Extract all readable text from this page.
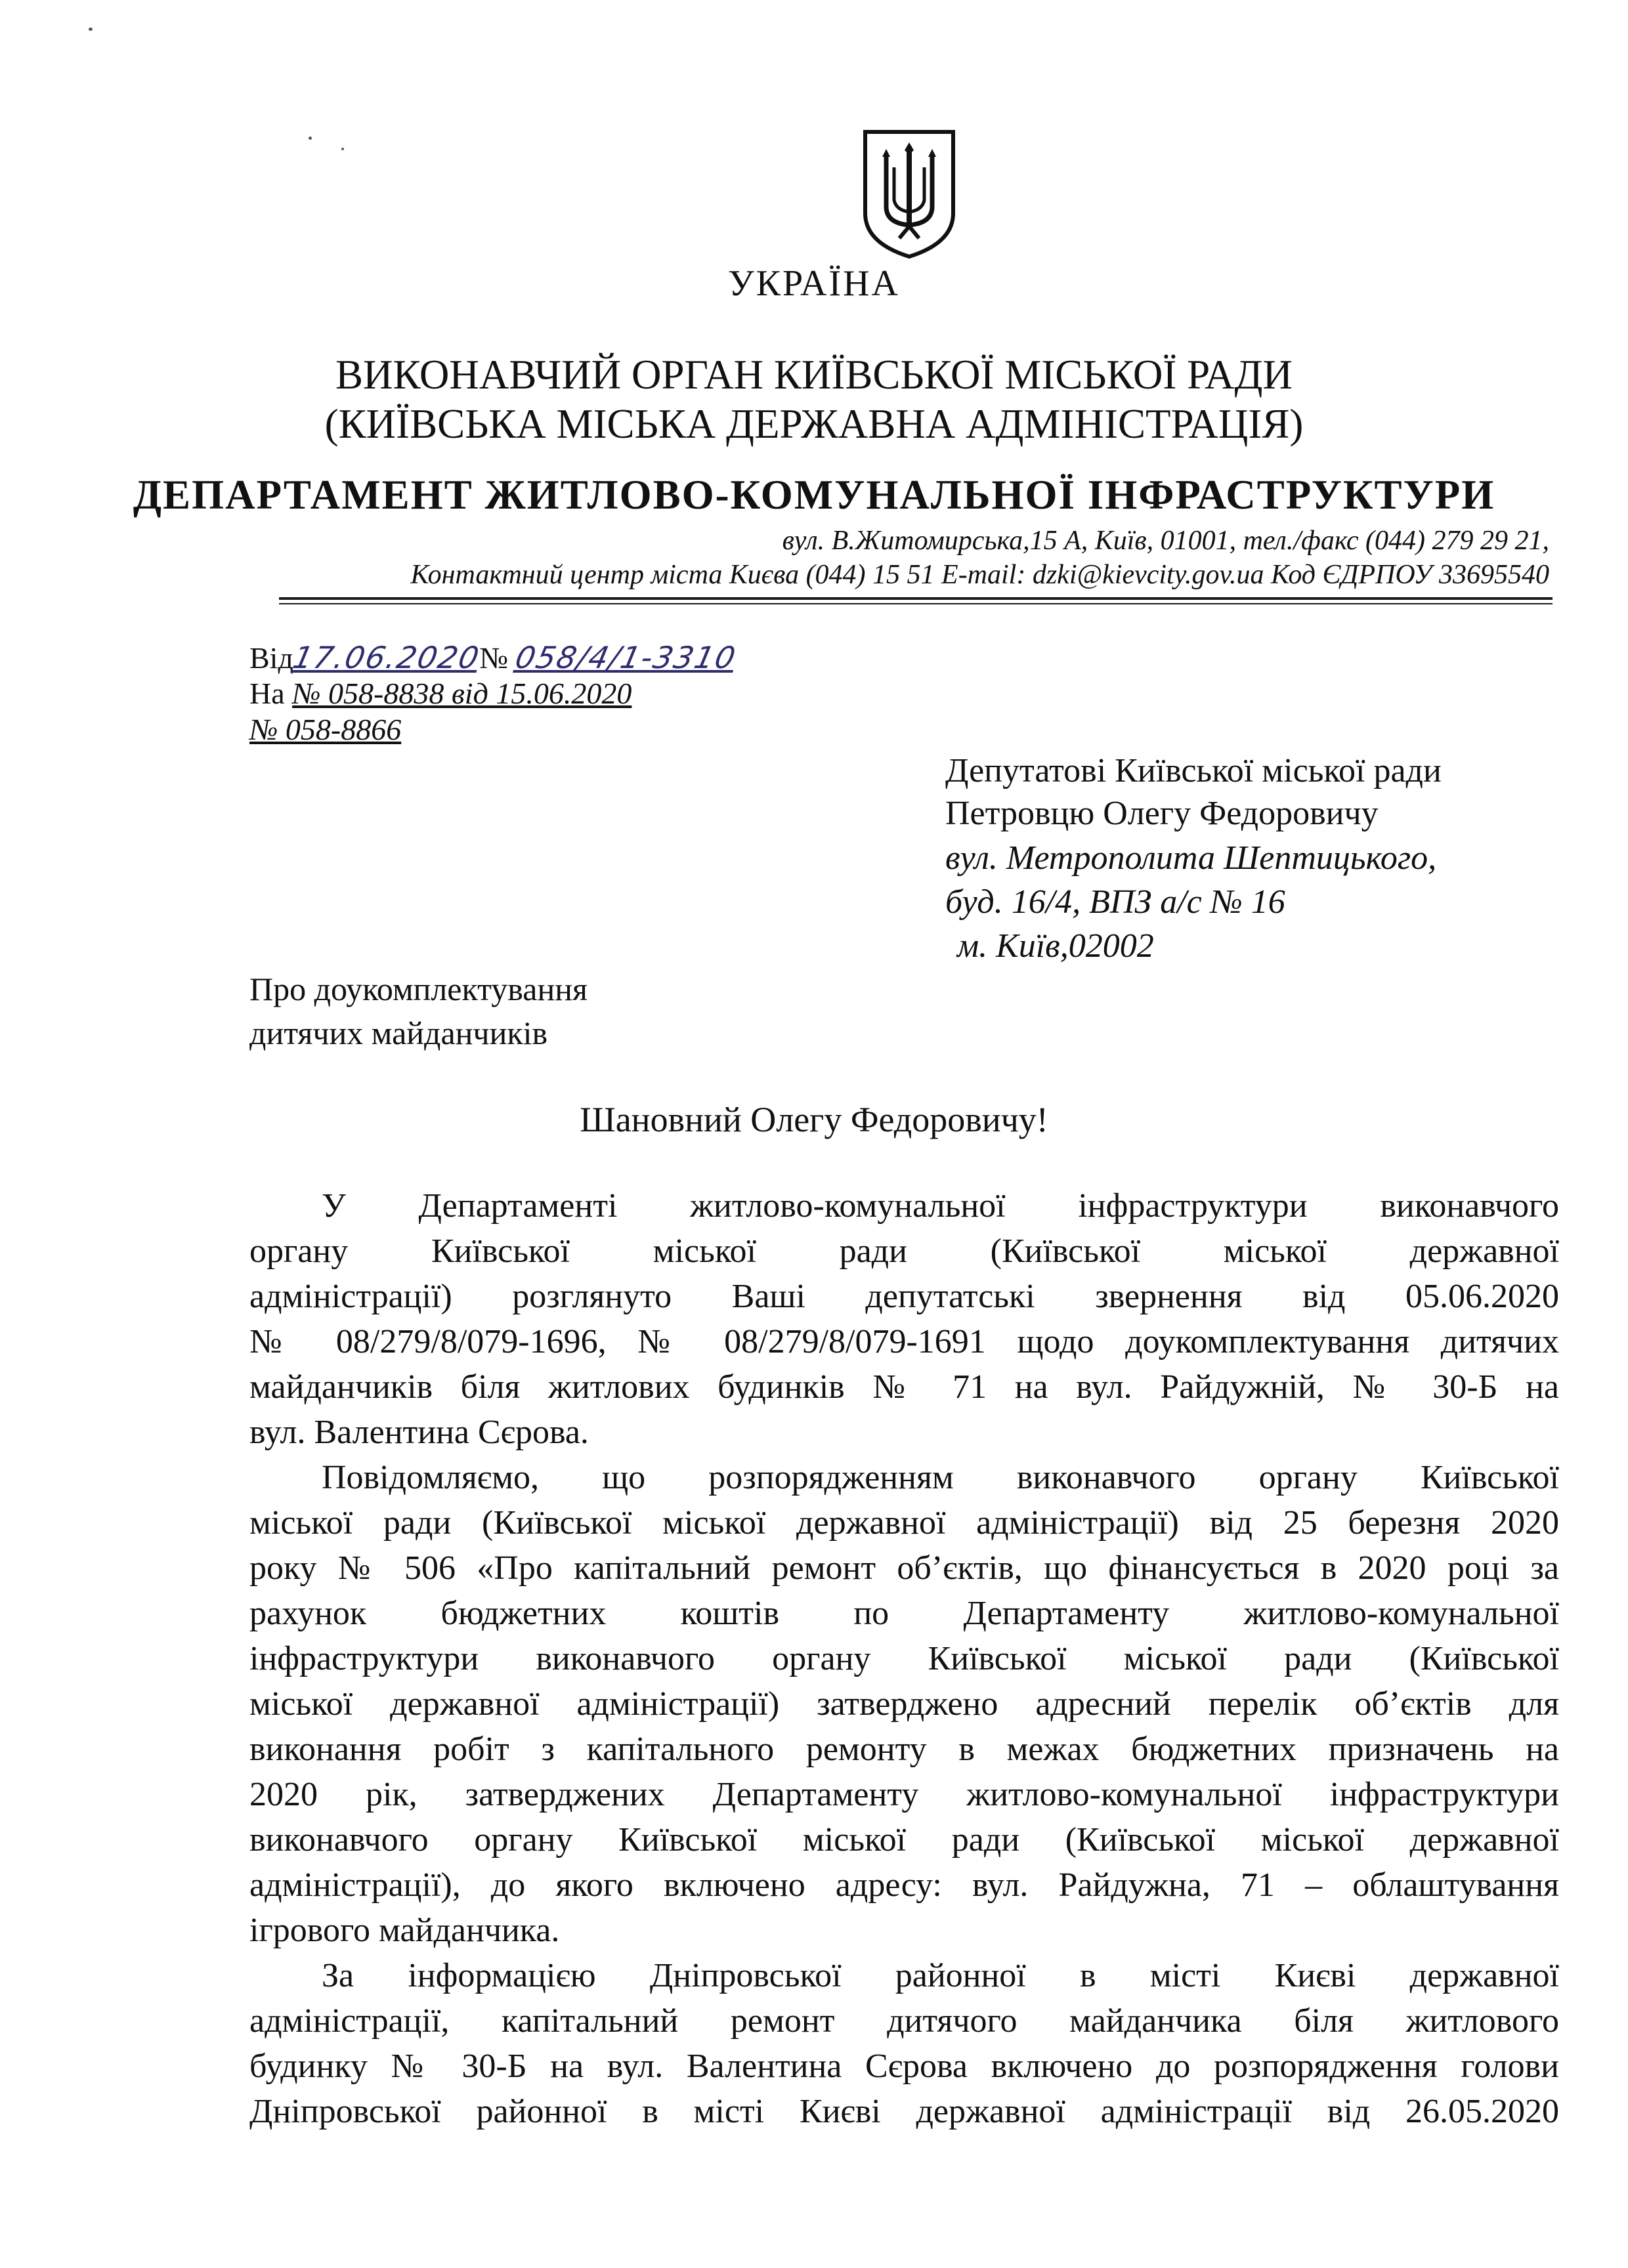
УКРАЇНА
ВИКОНАВЧИЙ ОРГАН КИЇВСЬКОЇ МІСЬКОЇ РАДИ
(КИЇВСЬКА МІСЬКА ДЕРЖАВНА АДМІНІСТРАЦІЯ)
ДЕПАРТАМЕНТ ЖИТЛОВО-КОМУНАЛЬНОЇ ІНФРАСТРУКТУРИ
вул. В.Житомирська,15 А, Київ, 01001, тел./факс (044) 279 29 21,
Контактний центр міста Києва (044) 15 51 E-mail: dzki@kievcity.gov.ua Код ЄДРПОУ 33695540
Від17.06.2020№ 058/4/1-3310
На № 058-8838 від 15.06.2020
№ 058-8866
Депутатові Київської міської ради
Петровцю Олегу Федоровичу
вул. Метрополита Шептицького,
буд. 16/4, ВПЗ а/с № 16
м. Київ,02002
Про доукомплектування
дитячих майданчиків
Шановний Олегу Федоровичу!
У Департаменті житлово-комунальної інфраструктури виконавчого
органу Київської міської ради (Київської міської державної
адміністрації) розглянуто Ваші депутатські звернення від 05.06.2020
№ 08/279/8/079-1696, № 08/279/8/079-1691 щодо доукомплектування дитячих
майданчиків біля житлових будинків № 71 на вул. Райдужній, № 30-Б на
вул. Валентина Сєрова.
Повідомляємо, що розпорядженням виконавчого органу Київської
міської ради (Київської міської державної адміністрації) від 25 березня 2020
року № 506 «Про капітальний ремонт об’єктів, що фінансується в 2020 році за
рахунок бюджетних коштів по Департаменту житлово-комунальної
інфраструктури виконавчого органу Київської міської ради (Київської
міської державної адміністрації) затверджено адресний перелік об’єктів для
виконання робіт з капітального ремонту в межах бюджетних призначень на
2020 рік, затверджених Департаменту житлово-комунальної інфраструктури
виконавчого органу Київської міської ради (Київської міської державної
адміністрації), до якого включено адресу: вул. Райдужна, 71 – облаштування
ігрового майданчика.
За інформацією Дніпровської районної в місті Києві державної
адміністрації, капітальний ремонт дитячого майданчика біля житлового
будинку № 30-Б на вул. Валентина Сєрова включено до розпорядження голови
Дніпровської районної в місті Києві державної адміністрації від 26.05.2020
